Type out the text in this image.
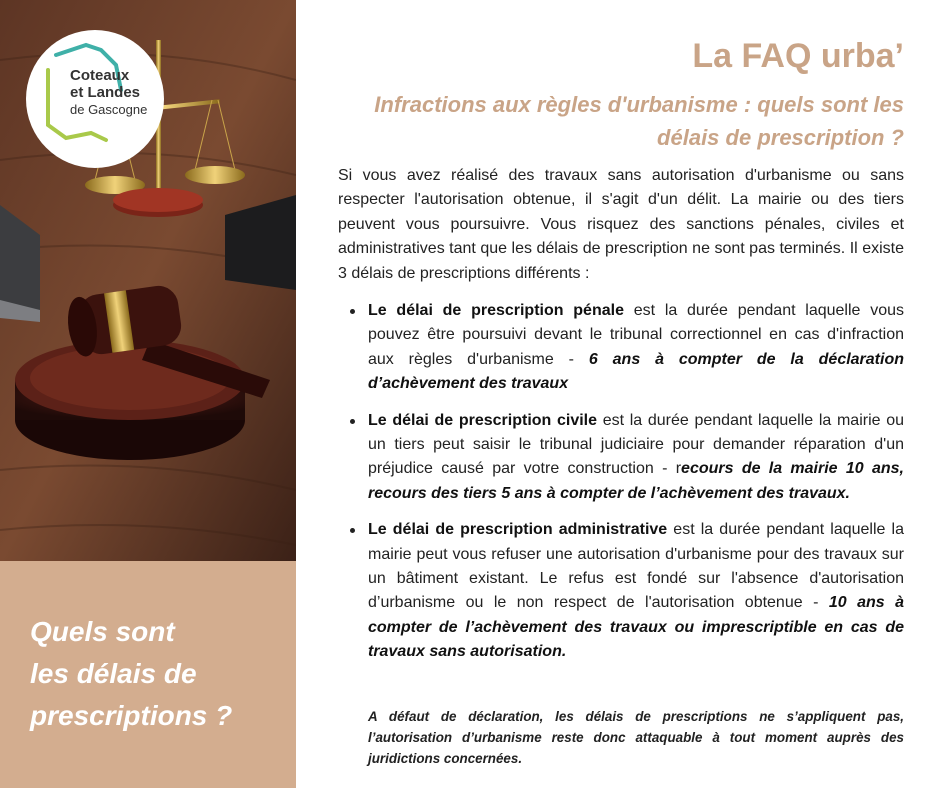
Coteaux
et Landes
de Gascogne
Quels sont
les délais de
prescriptions ?
La FAQ urba’
Infractions aux règles d'urbanisme : quels sont les
délais de prescription ?

Si vous avez réalisé des travaux sans autorisation d'urbanisme ou sans respecter l'autorisation obtenue, il s'agit d'un délit. La mairie ou des tiers peuvent vous poursuivre. Vous risquez des sanctions pénales, civiles et administratives tant que les délais de prescription ne sont pas terminés. Il existe 3 délais de prescriptions différents :

Le délai de prescription pénale est la durée pendant laquelle vous pouvez être poursuivi devant le tribunal correctionnel en cas d'infraction aux règles d'urbanisme - 6 ans à compter de la déclaration d’achèvement des travaux
Le délai de prescription civile est la durée pendant laquelle la mairie ou un tiers peut saisir le tribunal judiciaire pour demander réparation d'un préjudice causé par votre construction - recours de la mairie 10 ans, recours des tiers 5 ans à compter de l’achèvement des travaux.
Le délai de prescription administrative est la durée pendant laquelle la mairie peut vous refuser une autorisation d'urbanisme pour des travaux sur un bâtiment existant. Le refus est fondé sur l'absence d'autorisation d’urbanisme ou le non respect de l'autorisation obtenue - 10 ans à compter de l’achèvement des travaux ou imprescriptible en cas de travaux sans autorisation.

A défaut de déclaration, les délais de prescriptions ne s’appliquent pas, l’autorisation d’urbanisme reste donc attaquable à tout moment auprès des juridictions concernées.
